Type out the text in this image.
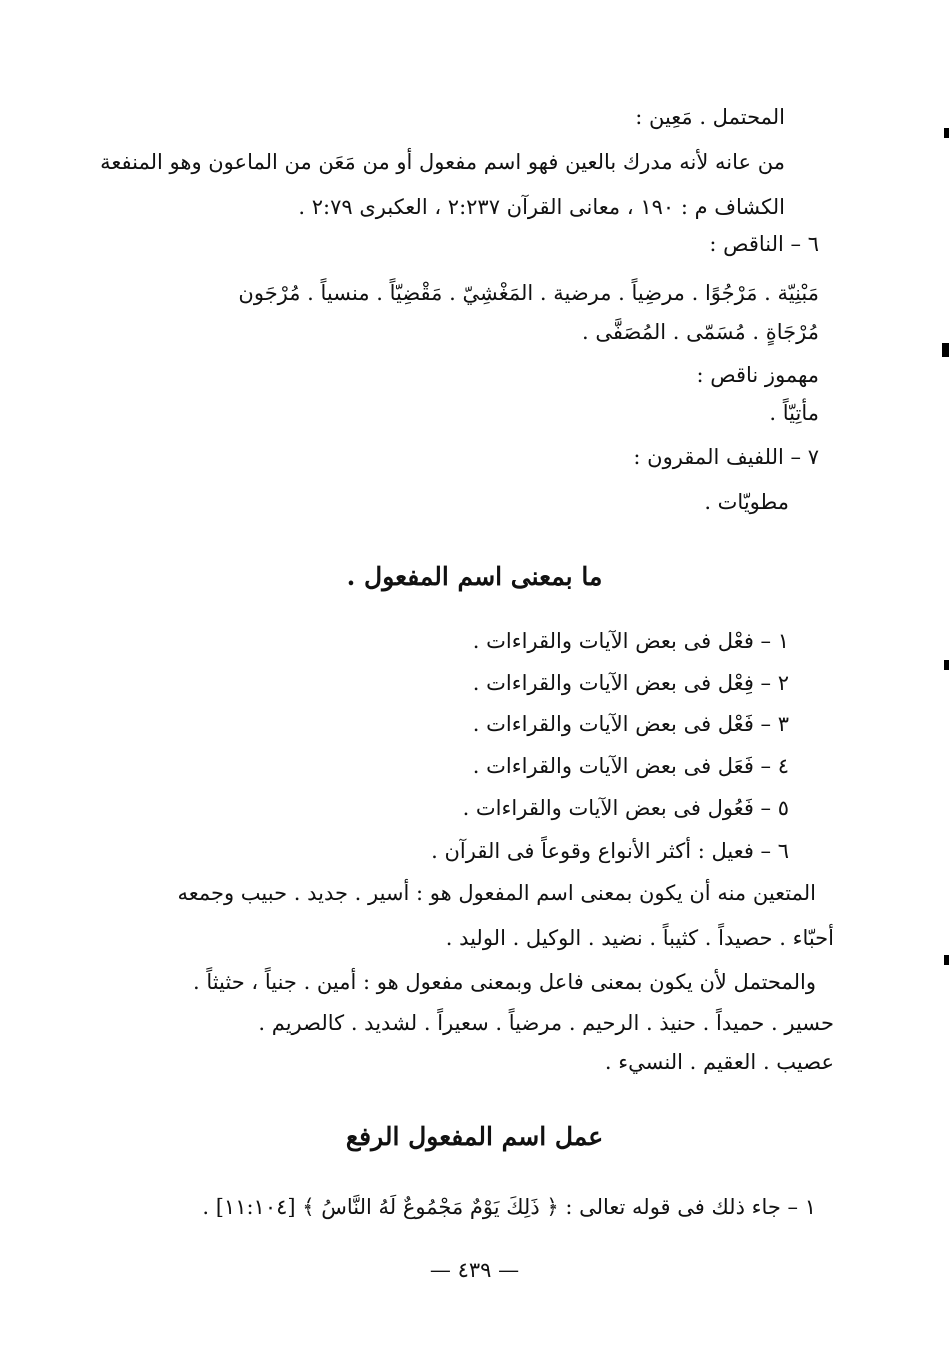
المحتمل . مَعِين :
من عانه لأنه مدرك بالعين فهو اسم مفعول أو من مَعَن من الماعون وهو المنفعة
الكشاف م : ١٩٠ ، معانى القرآن ٢:٢٣٧ ، العكبرى ٢:٧٩ .
٦ – الناقص :
مَبْنِيّة . مَرْجُوًا . مرضِياً . مرضية . المَغْشِيّ . مَقْضِيّاً . منسياً . مُرْجَون
مُرْجَاةٍ . مُسَمّى . المُصَفَّى .
مهموز ناقص :
مأتِيّاً .
٧ – اللفيف المقرون :
مطويّات .
ما بمعنى اسم المفعول .
١ – فعْل فى بعض الآيات والقراءات .
٢ – فِعْل فى بعض الآيات والقراءات .
٣ – فَعْل فى بعض الآيات والقراءات .
٤ – فَعَل فى بعض الآيات والقراءات .
٥ – فَعُول فى بعض الآيات والقراءات .
٦ – فعيل : أكثر الأنواع وقوعاً فى القرآن .
المتعين منه أن يكون بمعنى اسم المفعول هو : أسير . جديد . حبيب وجمعه
أحبّاء . حصيداً . كثيباً . نضيد . الوكيل . الوليد .
والمحتمل لأن يكون بمعنى فاعل وبمعنى مفعول هو : أمين . جنياً ، حثيثاً .
حسير . حميداً . حنيذ . الرحيم . مرضياً . سعيراً . لشديد . كالصريم .
عصيب . العقيم . النسيء .
عمل اسم المفعول الرفع
١ – جاء ذلك فى قوله تعالى : ﴿ ذَلِكَ يَوْمٌ مَجْمُوعٌ لَهُ النَّاسُ ﴾ [١١:١٠٤] .
— ٤٣٩ —
